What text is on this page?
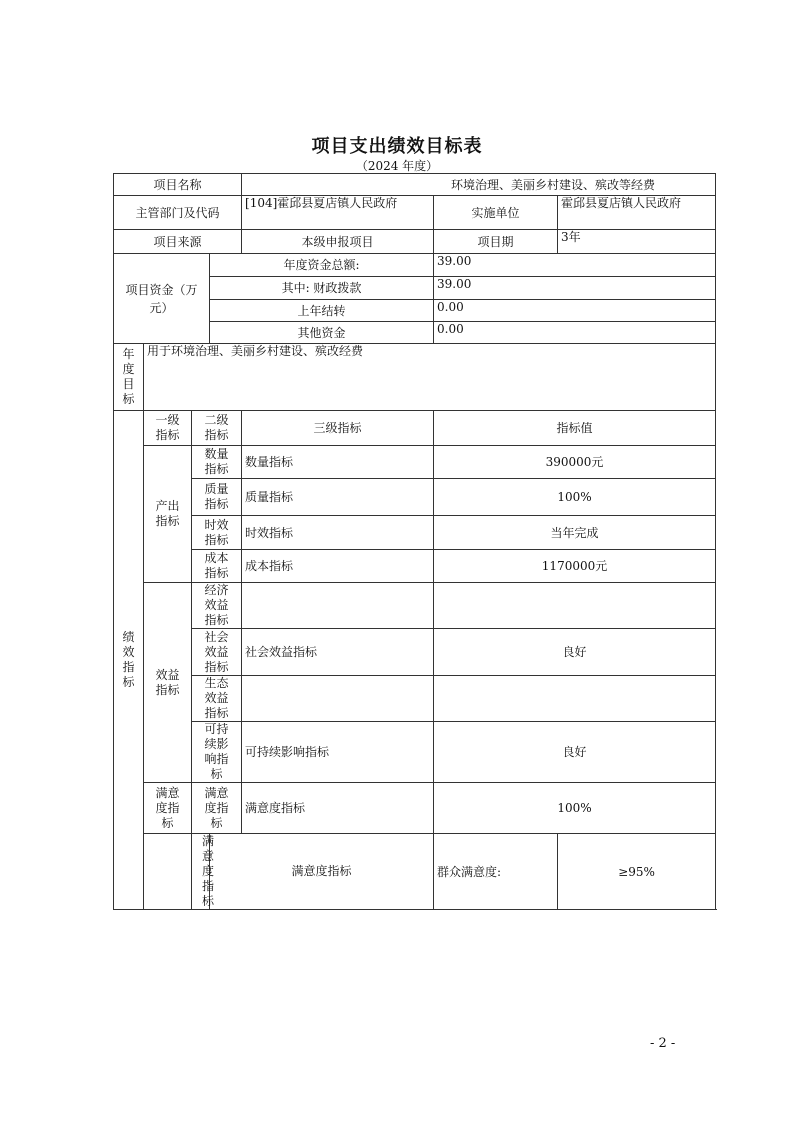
项目支出绩效目标表
（2024 年度）
项目名称				环境治理、美丽乡村建设、殡改等经费		
主管部门及代码				[104]霍邱县夏店镇人民政府	实施单位	霍邱县夏店镇人民政府
项目来源				本级申报项目	项目期	3年
项目资金（万元）			年度资金总额:		39.00	
			其中: 财政拨款		39.00	
			上年结转		0.00	
			其他资金		0.00	
年度目标	用于环境治理、美丽乡村建设、殡改经费					
绩效指标	一级指标	二级指标		三级指标	指标值	
	产出指标	数量指标		数量指标	390000元	
		质量指标		质量指标	100%	
		时效指标		时效指标	当年完成	
		成本指标		成本指标	1170000元	
	效益指标	经济效益指标				
		社会效益指标		社会效益指标	良好	
		生态效益指标				
		可持续影响指标		可持续影响指标	良好	
	满意度指标	满意度指标		满意度指标	100%	
		满意度指标	满意度指标		群众满意度:	≥95%
- 2 -
